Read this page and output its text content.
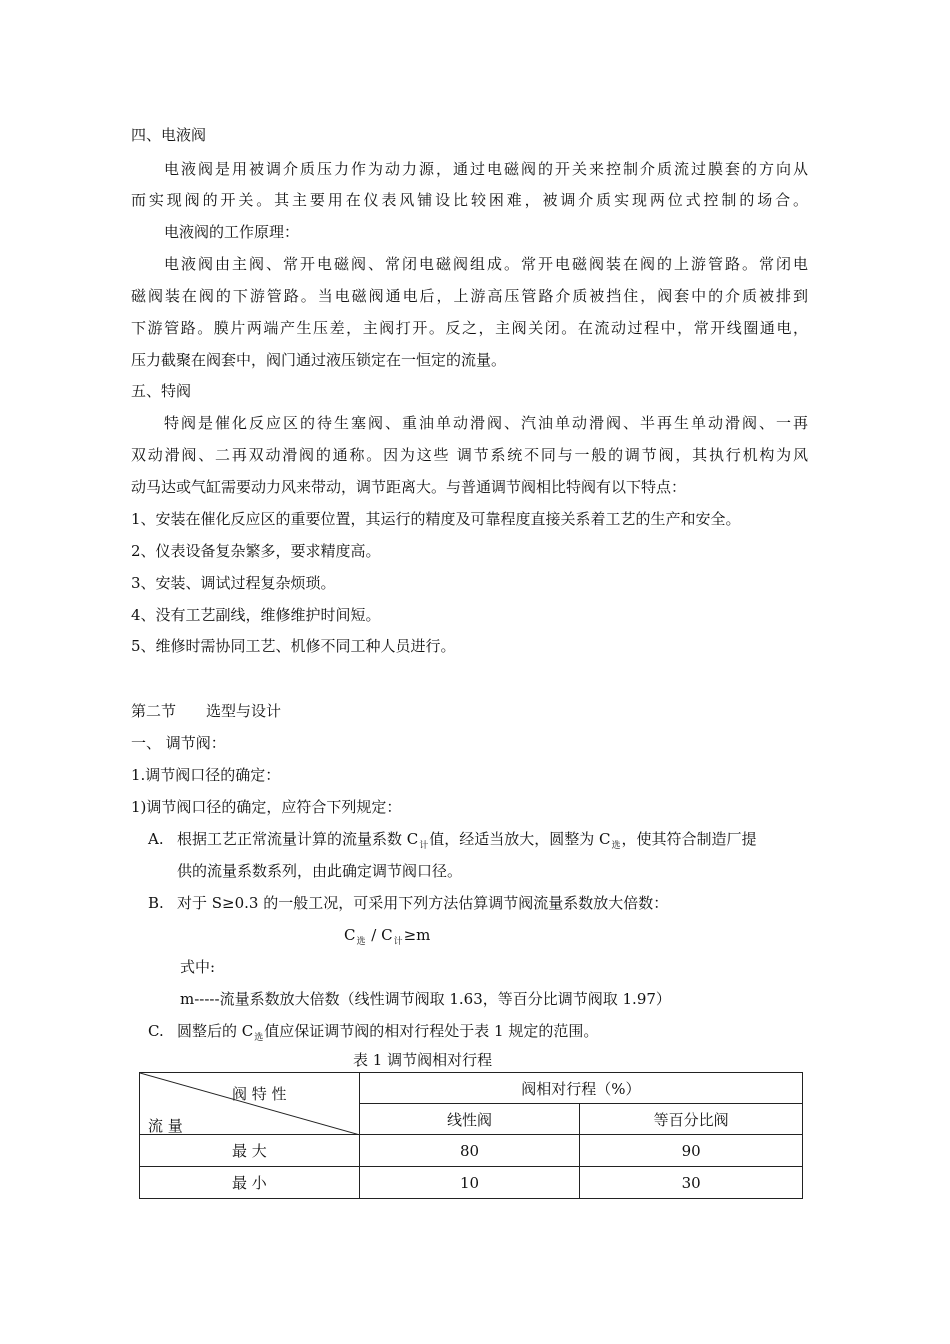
四、电液阀
电液阀是用被调介质压力作为动力源，通过电磁阀的开关来控制介质流过膜套的方向从
而实现阀的开关。其主要用在仪表风铺设比较困难，被调介质实现两位式控制的场合。
电液阀的工作原理：
电液阀由主阀、常开电磁阀、常闭电磁阀组成。常开电磁阀装在阀的上游管路。常闭电
磁阀装在阀的下游管路。当电磁阀通电后，上游高压管路介质被挡住，阀套中的介质被排到
下游管路。膜片两端产生压差，主阀打开。反之，主阀关闭。在流动过程中，常开线圈通电，
压力截聚在阀套中，阀门通过液压锁定在一恒定的流量。
五、特阀
特阀是催化反应区的待生塞阀、重油单动滑阀、汽油单动滑阀、半再生单动滑阀、一再
双动滑阀、二再双动滑阀的通称。因为这些 调节系统不同与一般的调节阀，其执行机构为风
动马达或气缸需要动力风来带动，调节距离大。与普通调节阀相比特阀有以下特点：
1、安装在催化反应区的重要位置，其运行的精度及可靠程度直接关系着工艺的生产和安全。
2、仪表设备复杂繁多，要求精度高。
3、安装、调试过程复杂烦琐。
4、没有工艺副线，维修维护时间短。
5、维修时需协同工艺、机修不同工种人员进行。
第二节 选型与设计
一、 调节阀：
1.调节阀口径的确定：
1)调节阀口径的确定，应符合下列规定：
A. 根据工艺正常流量计算的流量系数 $C_计$值，经适当放大，圆整为 $C_选$，使其符合制造厂提
供的流量系数系列，由此确定调节阀口径。
B. 对于 S≥0.3 的一般工况，可采用下列方法估算调节阀流量系数放大倍数：
$C_选 / C_计\ge m$
式中:
m-----流量系数放大倍数（线性调节阀取 1.63，等百分比调节阀取 1.97）
C. 圆整后的 $C_选$值应保证调节阀的相对行程处于表 1 规定的范围。
表 1 调节阀相对行程
阀 特 性
流 量	阀相对行程（%）	
	线性阀	等百分比阀
最 大	80	90
最 小	10	30
